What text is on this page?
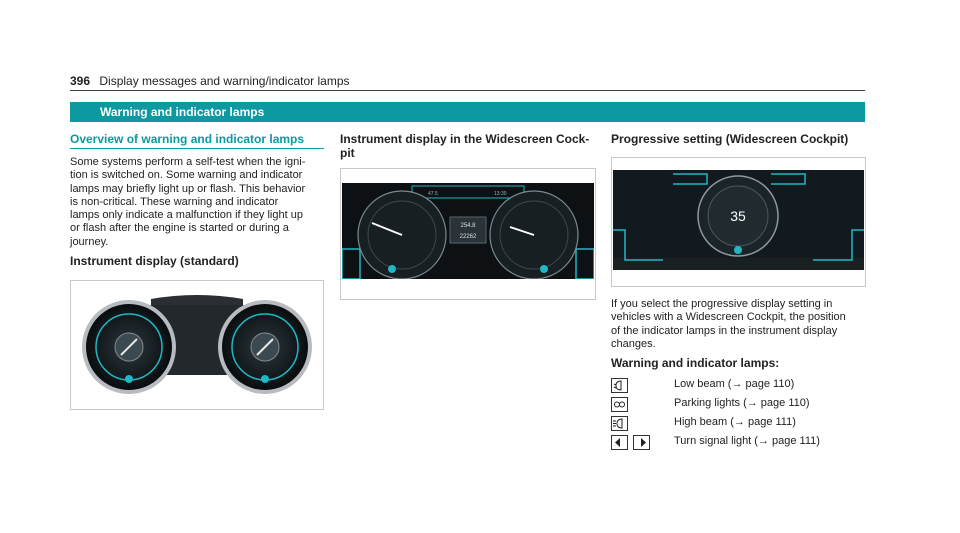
396 Display messages and warning/indicator lamps
Warning and indicator lamps
Overview of warning and indicator lamps

Some systems perform a self-test when the igni-
tion is switched on. Some warning and indicator
lamps may briefly light up or flash. This behavior
is non-critical. These warning and indicator
lamps only indicate a malfunction if they light up
or flash after the engine is started or during a
journey.

Instrument display (standard)
Instrument display in the Widescreen Cock-
pit
254.8
22262
47.5	13:30
Progressive setting (Widescreen Cockpit)
35

If you select the progressive display setting in
vehicles with a Widescreen Cockpit, the position
of the indicator lamps in the instrument display
changes.

Warning and indicator lamps:
Low beam (→ page 110)
Parking lights (→ page 110)
High beam (→ page 111)
Turn signal light (→ page 111)
